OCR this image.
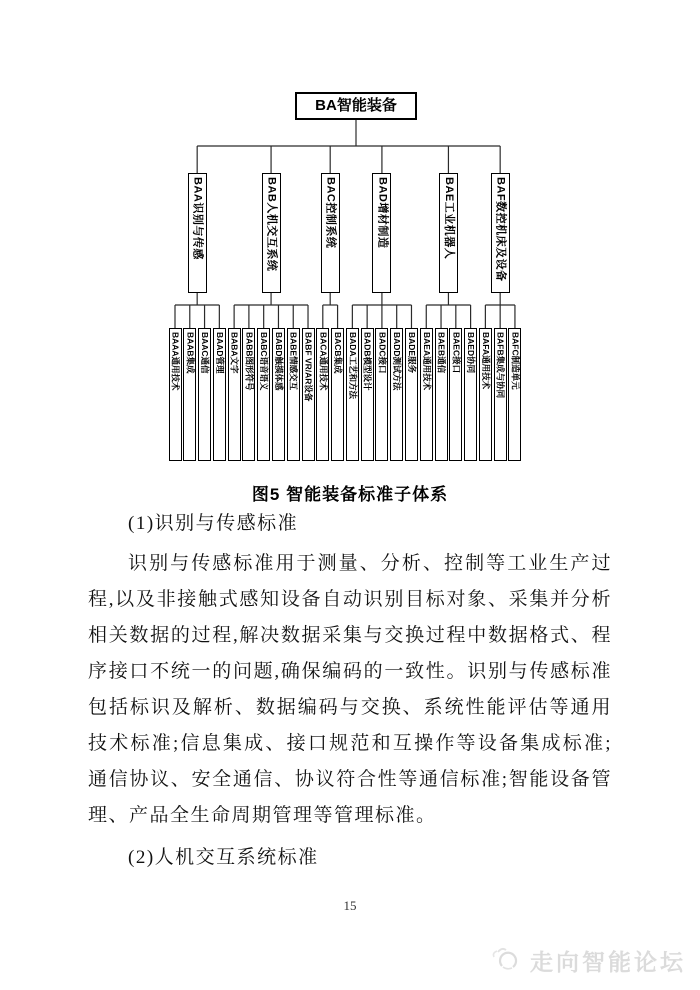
BA智能装备
BAA识别与传感
BAAA通用技术 BAAB集成 BAAC通信 BAAD管理
BAB人机交互系统
BABA文字 BABB图形符号 BABC语音语义 BABD触摸体感 BABE情感交互 BABF VR/AR设备
BAC控制系统
BACA通用技术 BACB集成
BAD增材制造
BADA工艺和方法 BADB模型设计 BADC接口 BADD测试方法 BADE服务
BAE工业机器人
BAEA通用技术 BAEB通信 BAEC接口 BAED协同
BAF数控机床及设备
BAFA通用技术 BAFB集成与协同 BAFC制造单元
图5 智能装备标准子体系

(1)识别与传感标准

识别与传感标准用于测量、分析、控制等工业生产过程,以及非接触式感知设备自动识别目标对象、采集并分析相关数据的过程,解决数据采集与交换过程中数据格式、程序接口不统一的问题,确保编码的一致性。识别与传感标准包括标识及解析、数据编码与交换、系统性能评估等通用技术标准;信息集成、接口规范和互操作等设备集成标准;通信协议、安全通信、协议符合性等通信标准;智能设备管理、产品全生命周期管理等管理标准。

(2)人机交互系统标准

15
走向智能论坛
